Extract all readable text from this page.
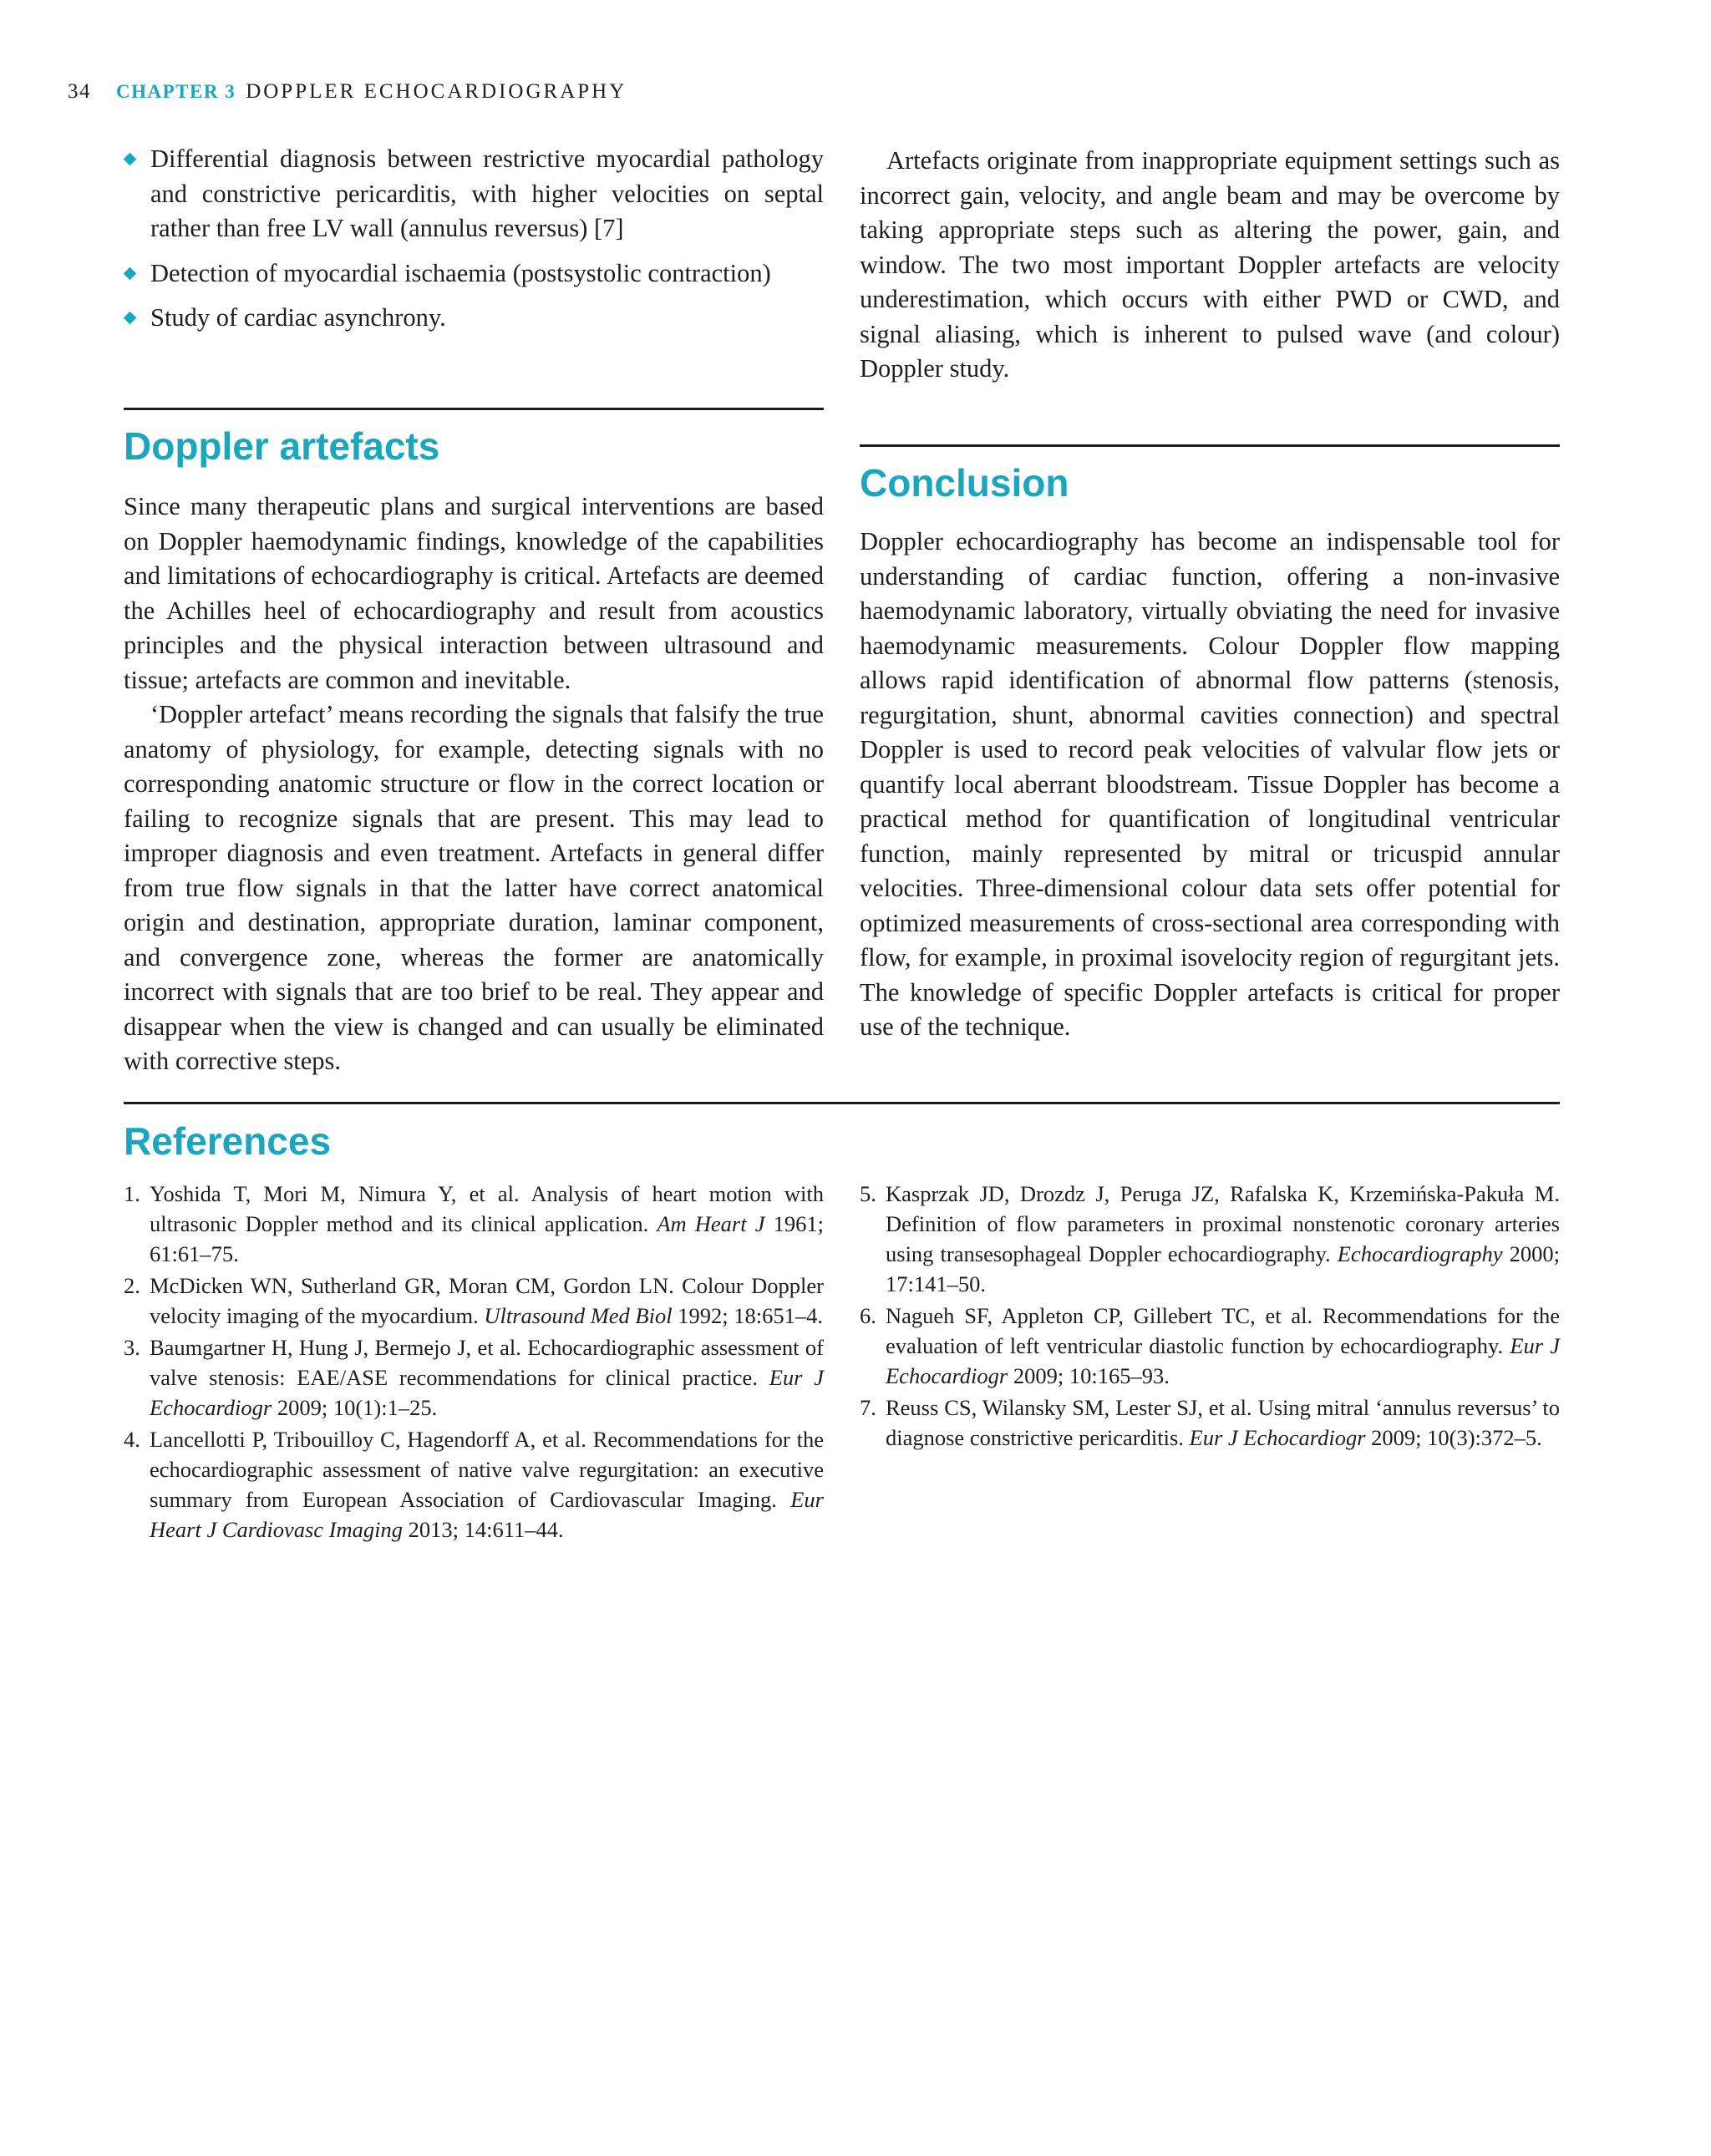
34 CHAPTER 3 DOPPLER ECHOCARDIOGRAPHY
Differential diagnosis between restrictive myocardial pathology and constrictive pericarditis, with higher velocities on septal rather than free LV wall (annulus reversus) [7]
Detection of myocardial ischaemia (postsystolic contraction)
Study of cardiac asynchrony.
Doppler artefacts

Since many therapeutic plans and surgical interventions are based on Doppler haemodynamic findings, knowledge of the capabilities and limitations of echocardiography is critical. Artefacts are deemed the Achilles heel of echocardiography and result from acoustics principles and the physical interaction between ultrasound and tissue; artefacts are common and inevitable.

‘Doppler artefact’ means recording the signals that falsify the true anatomy of physiology, for example, detecting signals with no corresponding anatomic structure or flow in the correct location or failing to recognize signals that are present. This may lead to improper diagnosis and even treatment. Artefacts in general differ from true flow signals in that the latter have correct anatomical origin and destination, appropriate duration, laminar component, and convergence zone, whereas the former are anatomically incorrect with signals that are too brief to be real. They appear and disappear when the view is changed and can usually be eliminated with corrective steps.

Artefacts originate from inappropriate equipment settings such as incorrect gain, velocity, and angle beam and may be overcome by taking appropriate steps such as altering the power, gain, and window. The two most important Doppler artefacts are velocity underestimation, which occurs with either PWD or CWD, and signal aliasing, which is inherent to pulsed wave (and colour) Doppler study.

Conclusion

Doppler echocardiography has become an indispensable tool for understanding of cardiac function, offering a non-invasive haemodynamic laboratory, virtually obviating the need for invasive haemodynamic measurements. Colour Doppler flow mapping allows rapid identification of abnormal flow patterns (stenosis, regurgitation, shunt, abnormal cavities connection) and spectral Doppler is used to record peak velocities of valvular flow jets or quantify local aberrant bloodstream. Tissue Doppler has become a practical method for quantification of longitudinal ventricular function, mainly represented by mitral or tricuspid annular velocities. Three-dimensional colour data sets offer potential for optimized measurements of cross-sectional area corresponding with flow, for example, in proximal isovelocity region of regurgitant jets. The knowledge of specific Doppler artefacts is critical for proper use of the technique.

References
1. Yoshida T, Mori M, Nimura Y, et al. Analysis of heart motion with ultrasonic Doppler method and its clinical application. Am Heart J 1961; 61:61–75.
2. McDicken WN, Sutherland GR, Moran CM, Gordon LN. Colour Doppler velocity imaging of the myocardium. Ultrasound Med Biol 1992; 18:651–4.
3. Baumgartner H, Hung J, Bermejo J, et al. Echocardiographic assessment of valve stenosis: EAE/ASE recommendations for clinical practice. Eur J Echocardiogr 2009; 10(1):1–25.
4. Lancellotti P, Tribouilloy C, Hagendorff A, et al. Recommendations for the echocardiographic assessment of native valve regurgitation: an executive summary from European Association of Cardiovascular Imaging. Eur Heart J Cardiovasc Imaging 2013; 14:611–44.
5. Kasprzak JD, Drozdz J, Peruga JZ, Rafalska K, Krzemińska-Pakuła M. Definition of flow parameters in proximal nonstenotic coronary arteries using transesophageal Doppler echocardiography. Echocardiography 2000; 17:141–50.
6. Nagueh SF, Appleton CP, Gillebert TC, et al. Recommendations for the evaluation of left ventricular diastolic function by echocardiography. Eur J Echocardiogr 2009; 10:165–93.
7. Reuss CS, Wilansky SM, Lester SJ, et al. Using mitral ‘annulus reversus’ to diagnose constrictive pericarditis. Eur J Echocardiogr 2009; 10(3):372–5.
